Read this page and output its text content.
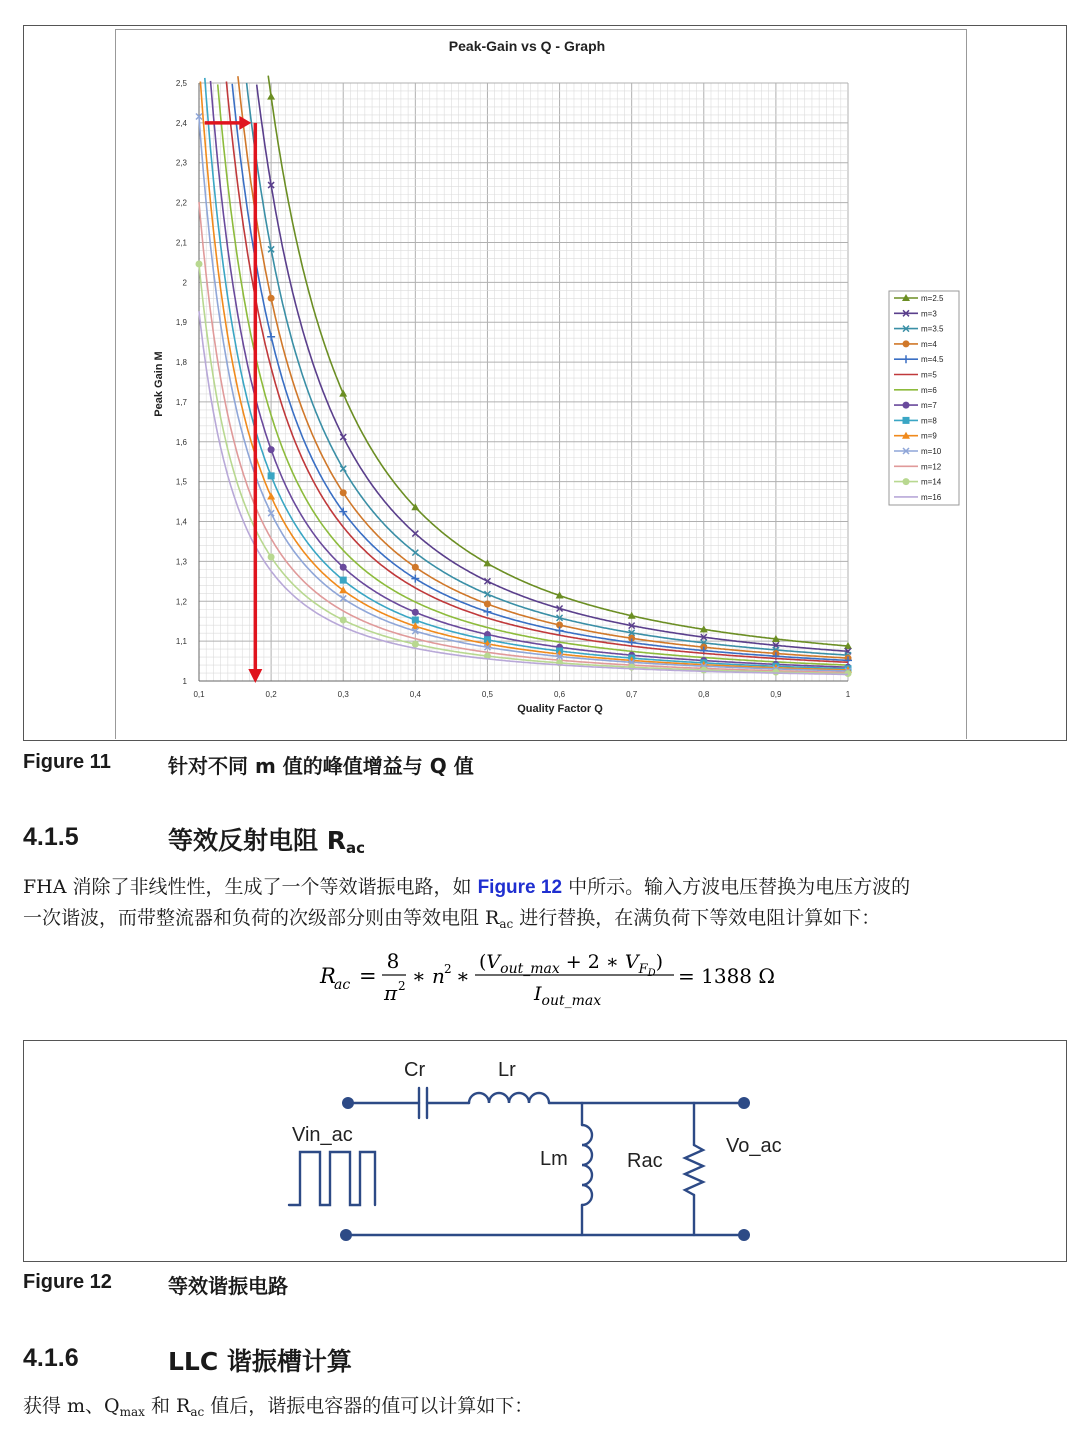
Peak-Gain vs Q - Graph
0,1	0,2	0,3	0,4	0,5	0,6	0,7	0,8	0,9	1
1
1,1
1,2
1,3
1,4
1,5
1,6
1,7
1,8
1,9
2
2,1
2,2
2,3
2,4
2,5
Quality Factor Q
Peak Gain M
m=2.5
m=3
m=3.5
m=4
m=4.5
m=5
m=6
m=7
m=8
m=9
m=10
m=12
m=14
m=16
Figure 11	针对不同 m 值的峰值增益与 Q 值
4.1.5	等效反射电阻 Rac
FHA 消除了非线性性，生成了一个等效谐振电路，如 Figure 12 中所示。输入方波电压替换为电压方波的
一次谐波，而带整流器和负荷的次级部分则由等效电阻 $R_{ac}$ 进行替换，在满负荷下等效电阻计算如下：
R
ac =
8
π 2 ∗ n 2 ∗
($V_{out\_max} + 2$ ∗ $V_FD$)
$I_{out\_max}$
= 1388 Ω
Cr	Lr
Lm	Rac
Vin_ac	Vo_ac
Figure 12	等效谐振电路
4.1.6	LLC 谐振槽计算
获得 m、$Q_{max}$ 和 $R_{ac}$ 值后，谐振电容器的值可以计算如下：
